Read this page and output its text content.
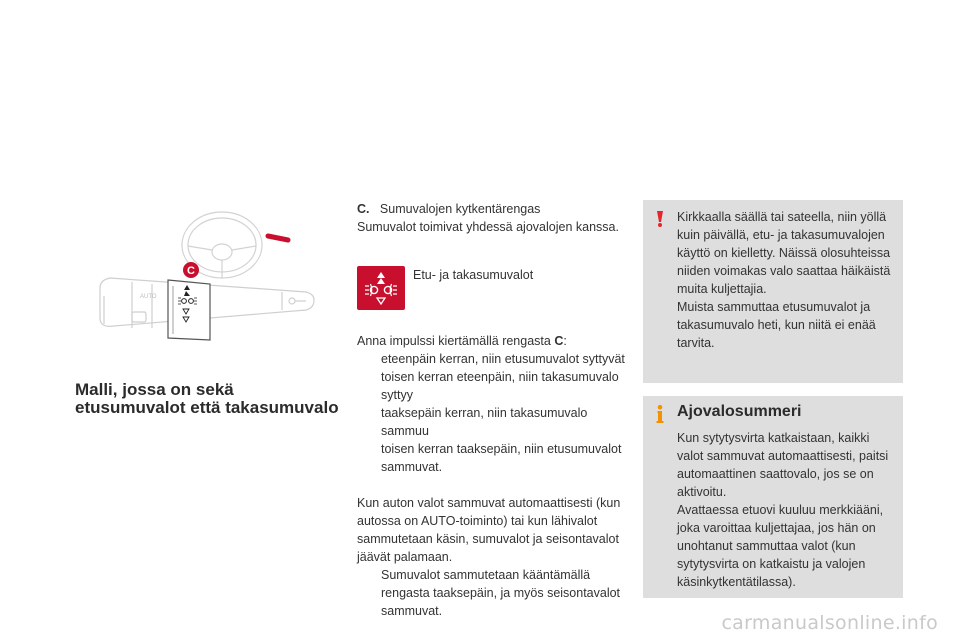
AUTO
C
Malli, jossa on sekä
etusumuvalot että takasumuvalo

C. Sumuvalojen kytkentärengas

Sumuvalot toimivat yhdessä ajovalojen kanssa.

Etu- ja takasumuvalot

Anna impulssi kiertämällä rengasta C:

eteenpäin kerran, niin etusumuvalot syttyvät
toisen kerran eteenpäin, niin takasumuvalo syttyy
taaksepäin kerran, niin takasumuvalo sammuu
toisen kerran taaksepäin, niin etusumuvalot sammuvat.

Kun auton valot sammuvat automaattisesti (kun autossa on AUTO-toiminto) tai kun lähivalot sammutetaan käsin, sumuvalot ja seisontavalot jäävät palamaan.

Sumuvalot sammutetaan kääntämällä rengasta taaksepäin, ja myös seisontavalot sammuvat.

Kirkkaalla säällä tai sateella, niin yöllä kuin päivällä, etu- ja takasumuvalojen käyttö on kielletty. Näissä olosuhteissa niiden voimakas valo saattaa häikäistä muita kuljettajia.

Muista sammuttaa etusumuvalot ja takasumuvalo heti, kun niitä ei enää tarvita.

Ajovalosummeri

Kun sytytysvirta katkaistaan, kaikki valot sammuvat automaattisesti, paitsi automaattinen saattovalo, jos se on aktivoitu.

Avattaessa etuovi kuuluu merkkiääni, joka varoittaa kuljettajaa, jos hän on unohtanut sammuttaa valot (kun sytytysvirta on katkaistu ja valojen käsinkytkentätilassa).

carmanualsonline.info
